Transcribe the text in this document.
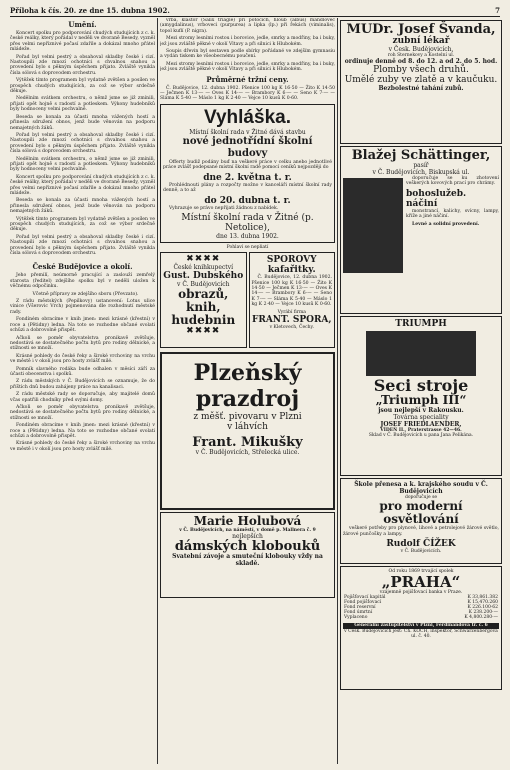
Příloha k čís. 20. ze dne 15. dubna 1902.	7
Umění.

Koncert spolku pro podporování chudých studujících z c. k. české reálky, který pořádal v neděli ve dvoraně Besedy, vyzněl přes velmi nepříznivé počasí zdařile a dokázal mnoho přátel mládeže.

Pořad byl velmi pestrý a obsahoval skladby české i cizí. Nastoupili zde mnozí ochotníci s chvalnou snahou a provedení bylo s pěkným úspěchem přijato. Zvláště vynikla čísla sólová s doprovodem orchestru.

Výtěžek tímto programem byl vydatně zvětšen a posílen ve prospěch chudých studujících, za což se výbor srdečně děkuje.

Nedělním svátkem orchestru, o němž jsme se již zmínili, přijati opět hojně s radostí a potleskem. Výkony hudebníků byly hodnoceny velmi pochvalně.

Beseda se konala za účasti mnoha vážených hostí a přinesla sdružení obnos, jenž bude věnován na podporu nemajetných žáků.

Pořad byl velmi pestrý a obsahoval skladby české i cizí. Nastoupili zde mnozí ochotníci s chvalnou snahou a provedení bylo s pěkným úspěchem přijato. Zvláště vynikla čísla sólová s doprovodem orchestru.

Nedělním svátkem orchestru, o němž jsme se již zmínili, přijati opět hojně s radostí a potleskem. Výkony hudebníků byly hodnoceny velmi pochvalně.

Koncert spolku pro podporování chudých studujících z c. k. české reálky, který pořádal v neděli ve dvoraně Besedy, vyzněl přes velmi nepříznivé počasí zdařile a dokázal mnoho přátel mládeže.

Beseda se konala za účasti mnoha vážených hostí a přinesla sdružení obnos, jenž bude věnován na podporu nemajetných žáků.

Výtěžek tímto programem byl vydatně zvětšen a posílen ve prospěch chudých studujících, za což se výbor srdečně děkuje.

Pořad byl velmi pestrý a obsahoval skladby české i cizí. Nastoupili zde mnozí ochotníci s chvalnou snahou a provedení bylo s pěkným úspěchem přijato. Zvláště vynikla čísla sólová s doprovodem orchestru.

České Budějovice a okolí.

Jeho přemilí, neúmorně pracující a zaslouží zemřelý starosta (ředitel) zdejšího spolku byl v neděli uložen k věčnému odpočinku.

Včetně přípravy ze zdejšího sboru (Převzato).

Z rádu městských (Pepilkovy) ustanovení: Lotus ulice vinice (Všerovic Vrch) pojmenována dle rozhodnutí městské rady.

Fondíném obracíme v knih jmen: mezi krásné (křestní) v roce a (Pětidny) ledna. Na toto se rozhodne občané svolati schůzi a dobrovolně přispět.

Ačkoli se poměr obyvatelstva pronikavě zvětšuje, nedostává se dostatečného počtu bytů pro rodiny dělnické, a stížnosti se množí.

Krásné pohledy do české řeky a široké vrchoviny na vrchu ve městě i v okolí jsou pro hosty zvlášť milé.

Pomník slavného rodáka bude odhalen v měsíci září za účasti obecenstva i spolků.

Z rádu městských v Č. Budějovicích se oznamuje, že do příštích dnů budou zahájeny práce na kanalisaci.

Z rádu městské rady se doporučuje, aby majitelé domů včas opatřili chodníky před svými domy.

Ačkoli se poměr obyvatelstva pronikavě zvětšuje, nedostává se dostatečného počtu bytů pro rodiny dělnické, a stížnosti se množí.

Fondíném obracíme v knih jmen: mezi krásné (křestní) v roce a (Pětidny) ledna. Na toto se rozhodne občané svolati schůzi a dobrovolně přispět.

Krásné pohledy do české řeky a široké vrchoviny na vrchu ve městě i v okolí jsou pro hosty zvlášť milé.

vrba, kláštor (Salix triagle) při potocích, hloub (albus) mandlovec (amygdalinus), vrboveci (purpurea) a lipka (lp.) při řekách (viminalis), topol kuflí (P. nigra).

Mezi stromy lesními rostou i borovice, jedle, smrky a modřiny, ba i buky, jež jsou zvláště pěkné v okolí Vltavy a při silnici k Hlubokém.

Soupis dřevin byl sestaven podle sbírky pořádané ve zdejším gymnasiu a vydán tiskem ke všeobecnému poučení.

Mezi stromy lesními rostou i borovice, jedle, smrky a modřiny, ba i buky, jež jsou zvláště pěkné v okolí Vltavy a při silnici k Hlubokém.

Průměrné tržní ceny.

Č. Budějovice, 12. dubna 1902. Pšenice 100 kg K 16·50 — Žito K 14·50 — Ječmen K 13·— — Oves K 14·— — Brambory K 6·— — Seno K 7·— — Sláma K 5·40 — Máslo 1 kg K 2·40 — Vejce 10 kusů K 0·60.

Vyhláška.
Místní školní rada v Žitné dává stavbu
nové jednotřídní školní budovy

Offerty budiž podány buď na veškeré práce v celku anebo jednotlivé práce zvlášť podepsané místní školní radě pomocí ceníků nejpozději do

dne 2. května t. r.

Prohlédnouti plány a rozpočty možno v kanceláři místní školní rady denně, a to až

do 20. dubna t. r.

Vyhrazuje se právo nepřijati žádnou z nabídek.

Místní školní rada v Žitné (p. Netolice),
dne 13. dubna 1902.
Pohlaví se nepliatí
✖✖✖✖
České knihkupectví
Gust. Dubského
v Č. Budějovicích
obrazů, knih, hudebnin
✖✖✖✖
SPOROVY kafařitky.

Č. Budějovice, 12. dubna 1902. Pšenice 100 kg K 16·50 — Žito K 14·50 — Ječmen K 13·— — Oves K 14·— — Brambory K 6·— — Seno K 7·— — Sláma K 5·40 — Máslo 1 kg K 2·40 — Vejce 10 kusů K 0·60.

Vyrábí firma
FRANT. SPORA,
v Kletovech, Čechy.
Plzeňský
prazdroj
z měšť. pivovaru v Plzni
v láhvích
Frant. Mikušky
v Č. Budějovicích, Střelecká ulice.
Marie Holubová
v Č. Budějovicích, na náměstí, v domě p. Mallnera č. 9
nejlepších
dámských klobouků
Svatební závoje a smuteční klobouky vždy na skladě.
MUDr. Josef Švanda,
zubní lékař
v Česk. Budějovicích,
roh Sternekovy a Kostelní ul.
ordinuje denně od 8. do 12. a od 2. do 5. hod.
Plomby všech druhů.
Umělé zuby ve zlatě a v kaučuku.
Bezbolestné tahání zubů.
Blažej Schättinger,
pasíř
v Č. Budějovicích, Biskupská ul.

doporučuje se ku zhotovení veškerých kovových prací pro chrámy.

bohoslužeb. náčiní

monstrancí, kalichy, svícny, lampy, kříže a jiné náčiní.

Levné a solidní provedení.

TRIUMPH
Seci stroje
„Triumph III“
jsou nejlepší v Rakousku.
Továrna speciality
JOSEF FRIEDLAENDER,
VÍDEŇ II., Praterstrasse 42—46.
Sklad v Č. Budějovicích u pana Jana Pelikána.
Škole přenesa a k. krajského soudu v Č. Budějovicích
doporučuje se
pro moderní osvětlování

veškeré potřeby pro plynové, lihové a petrolejové žárové světlo, žárové punčošky a lampy.

Rudolf ČÍŽEK
v Č. Budějovicích.
Od roku 1869 trvající spolek
„PRAHA“
vzájemně pojišťovací banka v Praze.
Pojišťovací kapitál	K 33,861.382
Fond pojišťovací	K 15,470.260
Fond reservní	K 226.100·62
Fond úmrtní	K 238.200·—
Vyplaceno	K 4,800.280·—
Generální zastupitelství v Plzni, Ferdinandova tř. č. 6
v Česk. Budějovicích jest: Ch. KOCH, inspektor, Schwarzenbergova ul. č. 40.
